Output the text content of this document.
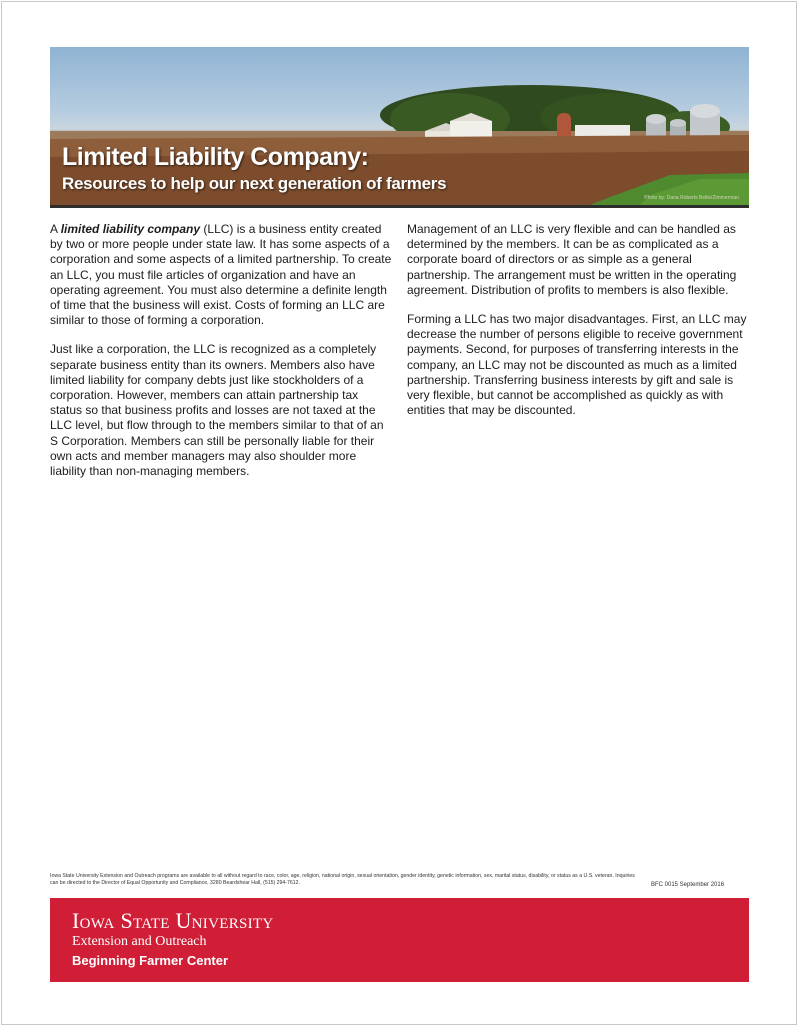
Limited Liability Company:
Resources to help our next generation of farmers
Photo by: Dana Roberts Bellis/Zimmerman

A limited liability company (LLC) is a business entity created by two or more people under state law. It has some aspects of a corporation and some aspects of a limited partnership. To create an LLC, you must file articles of organization and have an operating agreement. You must also determine a definite length of time that the business will exist. Costs of forming an LLC are similar to those of forming a corporation.

Just like a corporation, the LLC is recognized as a completely separate business entity than its owners. Members also have limited liability for company debts just like stockholders of a corporation. However, members can attain partnership tax status so that business profits and losses are not taxed at the LLC level, but flow through to the members similar to that of an S Corporation. Members can still be personally liable for their own acts and member managers may also shoulder more liability than non-managing members.

Management of an LLC is very flexible and can be handled as determined by the members. It can be as complicated as a corporate board of directors or as simple as a general partnership. The arrangement must be written in the operating agreement. Distribution of profits to members is also flexible.

Forming a LLC has two major disadvantages. First, an LLC may decrease the number of persons eligible to receive government payments. Second, for purposes of transferring interests in the company, an LLC may not be discounted as much as a limited partnership. Transferring business interests by gift and sale is very flexible, but cannot be accomplished as quickly as with entities that may be discounted.

Iowa State University Extension and Outreach programs are available to all without regard to race, color, age, religion, national origin, sexual orientation, gender identity, genetic information, sex, marital status, disability, or status as a U.S. veteran. Inquiries can be directed to the Director of Equal Opportunity and Compliance, 3280 Beardshear Hall, (515) 294-7612.	BFC 0015 September 2016
Iowa State University
Extension and Outreach
Beginning Farmer Center
